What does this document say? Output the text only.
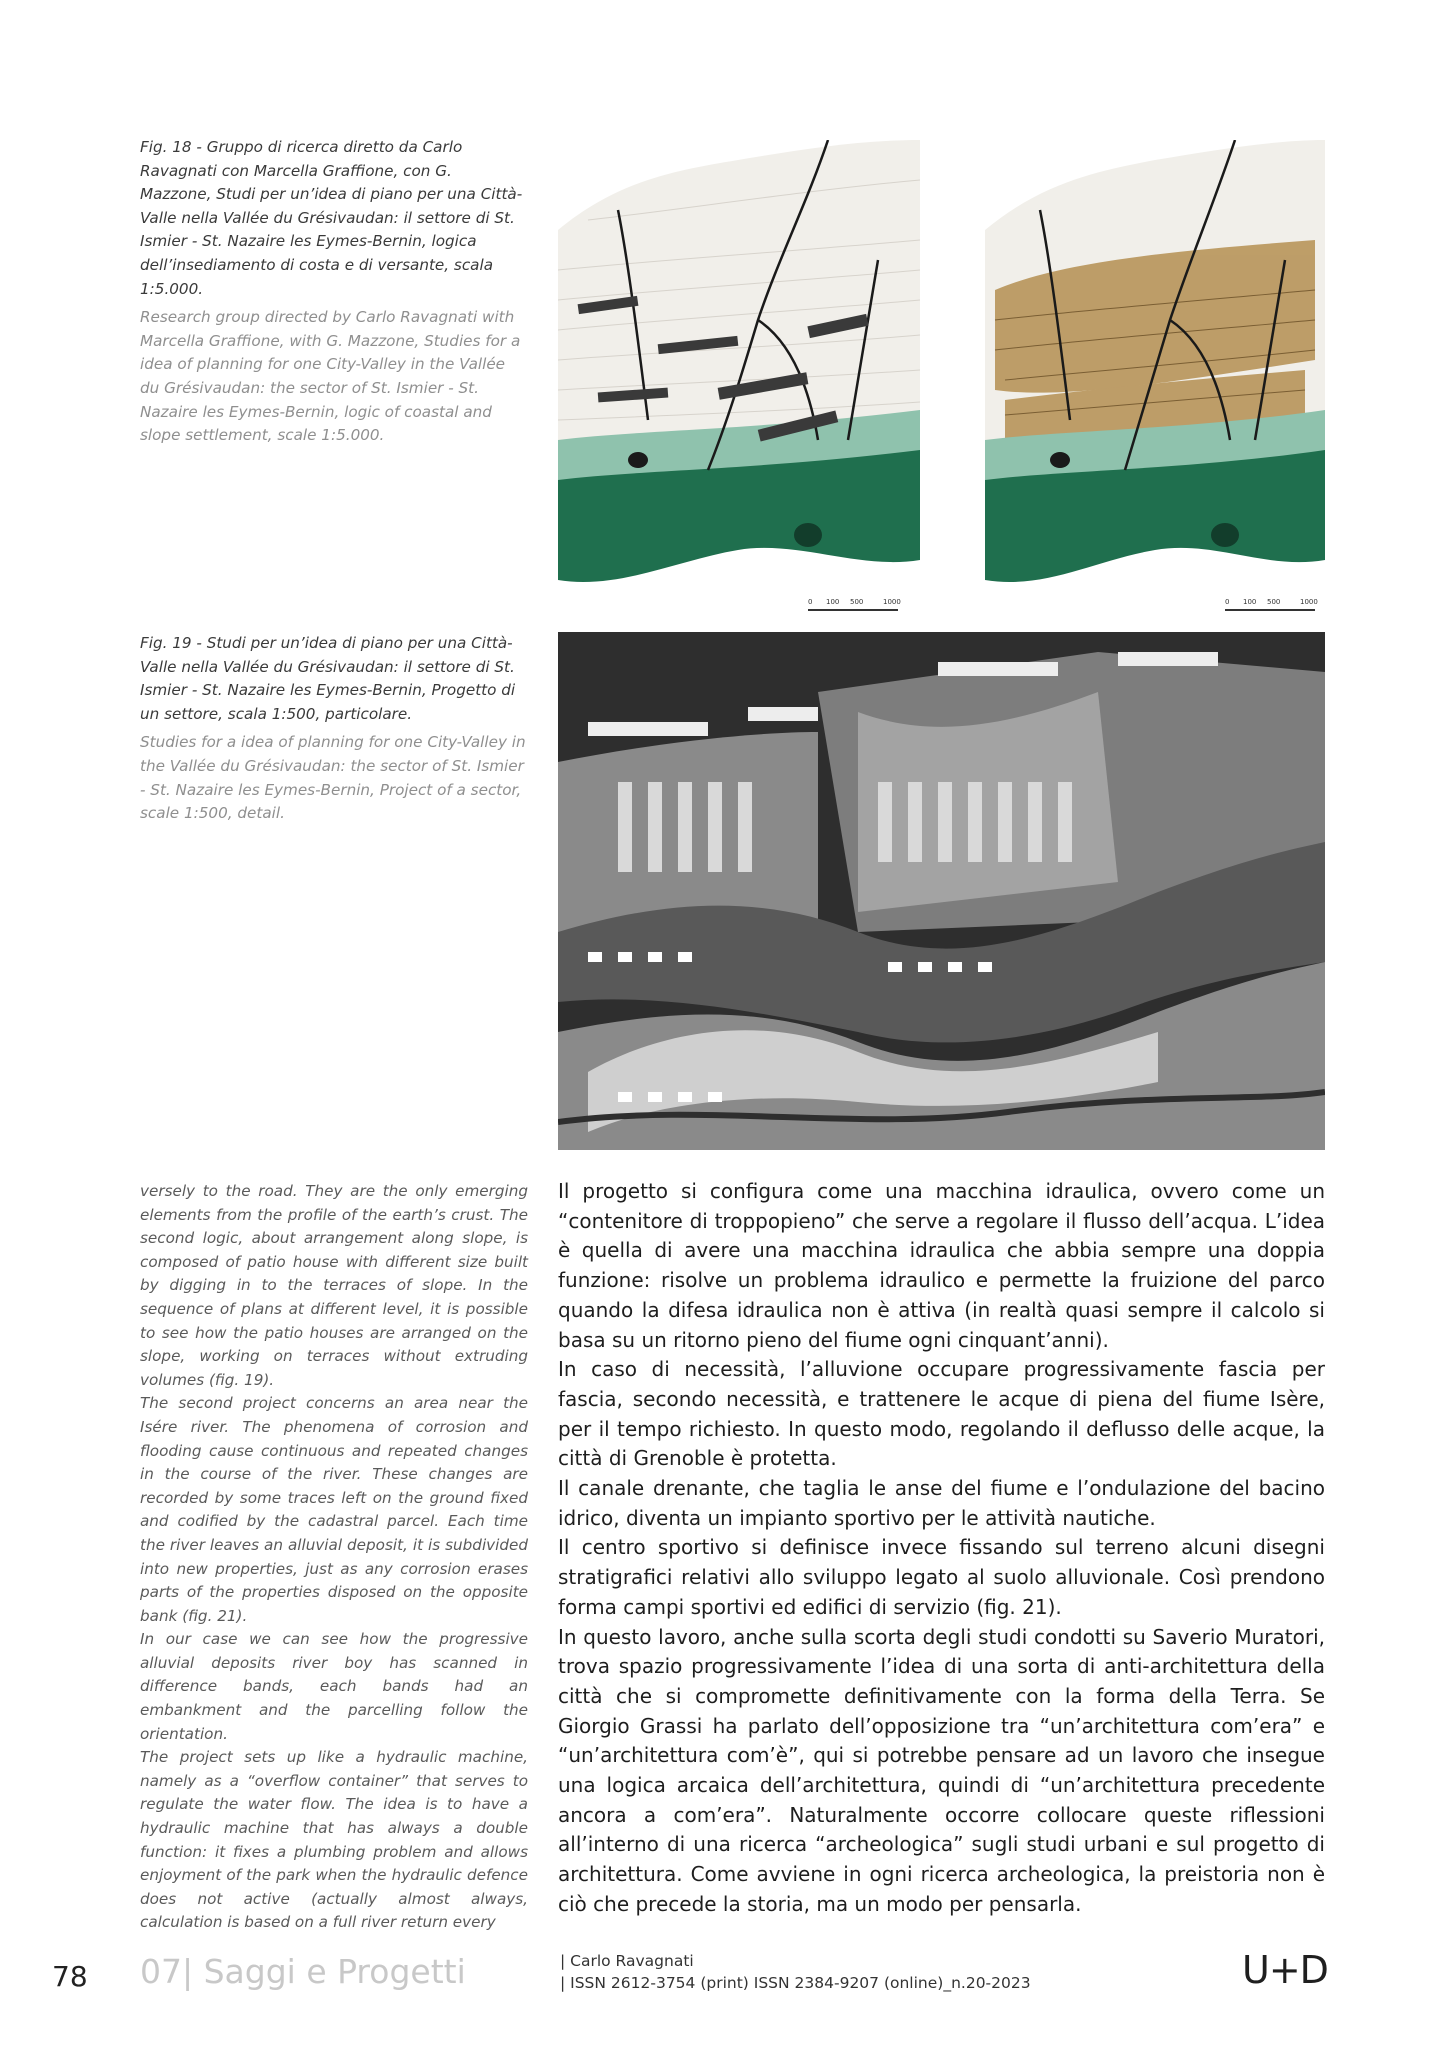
Fig. 18 - Gruppo di ricerca diretto da Carlo Ravagnati con Marcella Graffione, con G. Mazzone, Studi per un’idea di piano per una Città-Valle nella Vallée du Grésivaudan: il settore di St. Ismier - St. Nazaire les Eymes-Bernin, logica dell’insediamento di costa e di versante, scala 1:5.000.

Research group directed by Carlo Ravagnati with Marcella Graffione, with G. Mazzone, Studies for a idea of planning for one City-Valley in the Vallée du Grésivaudan: the sector of St. Ismier - St. Nazaire les Eymes-Bernin, logic of coastal and slope settlement, scale 1:5.000.

0 100 500	1000	0 100 500	1000

Fig. 19 - Studi per un’idea di piano per una Città-Valle nella Vallée du Grésivaudan: il settore di St. Ismier - St. Nazaire les Eymes-Bernin, Progetto di un settore, scala 1:500, particolare.

Studies for a idea of planning for one City-Valley in the Vallée du Grésivaudan: the sector of St. Ismier - St. Nazaire les Eymes-Bernin, Project of a sector, scale 1:500, detail.

versely to the road. They are the only emerging elements from the profile of the earth’s crust. The second logic, about arrangement along slope, is composed of patio house with different size built by digging in to the terraces of slope. In the sequence of plans at different level, it is possible to see how the patio houses are arranged on the slope, working on terraces without extruding volumes (fig. 19).

The second project concerns an area near the Isére river. The phenomena of corrosion and flooding cause continuous and repeated changes in the course of the river. These changes are recorded by some traces left on the ground fixed and codified by the cadastral parcel. Each time the river leaves an alluvial deposit, it is subdivided into new properties, just as any corrosion erases parts of the properties disposed on the opposite bank (fig. 21).

In our case we can see how the progressive alluvial deposits river boy has scanned in difference bands, each bands had an embankment and the parcelling follow the orientation.

The project sets up like a hydraulic machine, namely as a “overflow container” that serves to regulate the water flow. The idea is to have a hydraulic machine that has always a double function: it fixes a plumbing problem and allows enjoyment of the park when the hydraulic defence does not active (actually almost always, calculation is based on a full river return every

Il progetto si configura come una macchina idraulica, ovvero come un “contenitore di troppopieno” che serve a regolare il flusso dell’acqua. L’idea è quella di avere una macchina idraulica che abbia sempre una doppia funzione: risolve un problema idraulico e permette la fruizione del parco quando la difesa idraulica non è attiva (in realtà quasi sempre il calcolo si basa su un ritorno pieno del fiume ogni cinquant’anni).

In caso di necessità, l’alluvione occupare progressivamente fascia per fascia, secondo necessità, e trattenere le acque di piena del fiume Isère, per il tempo richiesto. In questo modo, regolando il deflusso delle acque, la città di Grenoble è protetta.

Il canale drenante, che taglia le anse del fiume e l’ondulazione del bacino idrico, diventa un impianto sportivo per le attività nautiche.

Il centro sportivo si definisce invece fissando sul terreno alcuni disegni stratigrafici relativi allo sviluppo legato al suolo alluvionale. Così prendono forma campi sportivi ed edifici di servizio (fig. 21).

In questo lavoro, anche sulla scorta degli studi condotti su Saverio Muratori, trova spazio progressivamente l’idea di una sorta di anti-architettura della città che si compromette definitivamente con la forma della Terra. Se Giorgio Grassi ha parlato dell’opposizione tra “un’architettura com’era” e “un’architettura com’è”, qui si potrebbe pensare ad un lavoro che insegue una logica arcaica dell’architettura, quindi di “un’architettura precedente ancora a com’era”. Naturalmente occorre collocare queste riflessioni all’interno di una ricerca “archeologica” sugli studi urbani e sul progetto di architettura. Come avviene in ogni ricerca archeologica, la preistoria non è ciò che precede la storia, ma un modo per pensarla.

78 07| Saggi e Progetti	| Carlo Ravagnati
| ISSN 2612-3754 (print) ISSN 2384-9207 (online)_n.20-2023	U+D
